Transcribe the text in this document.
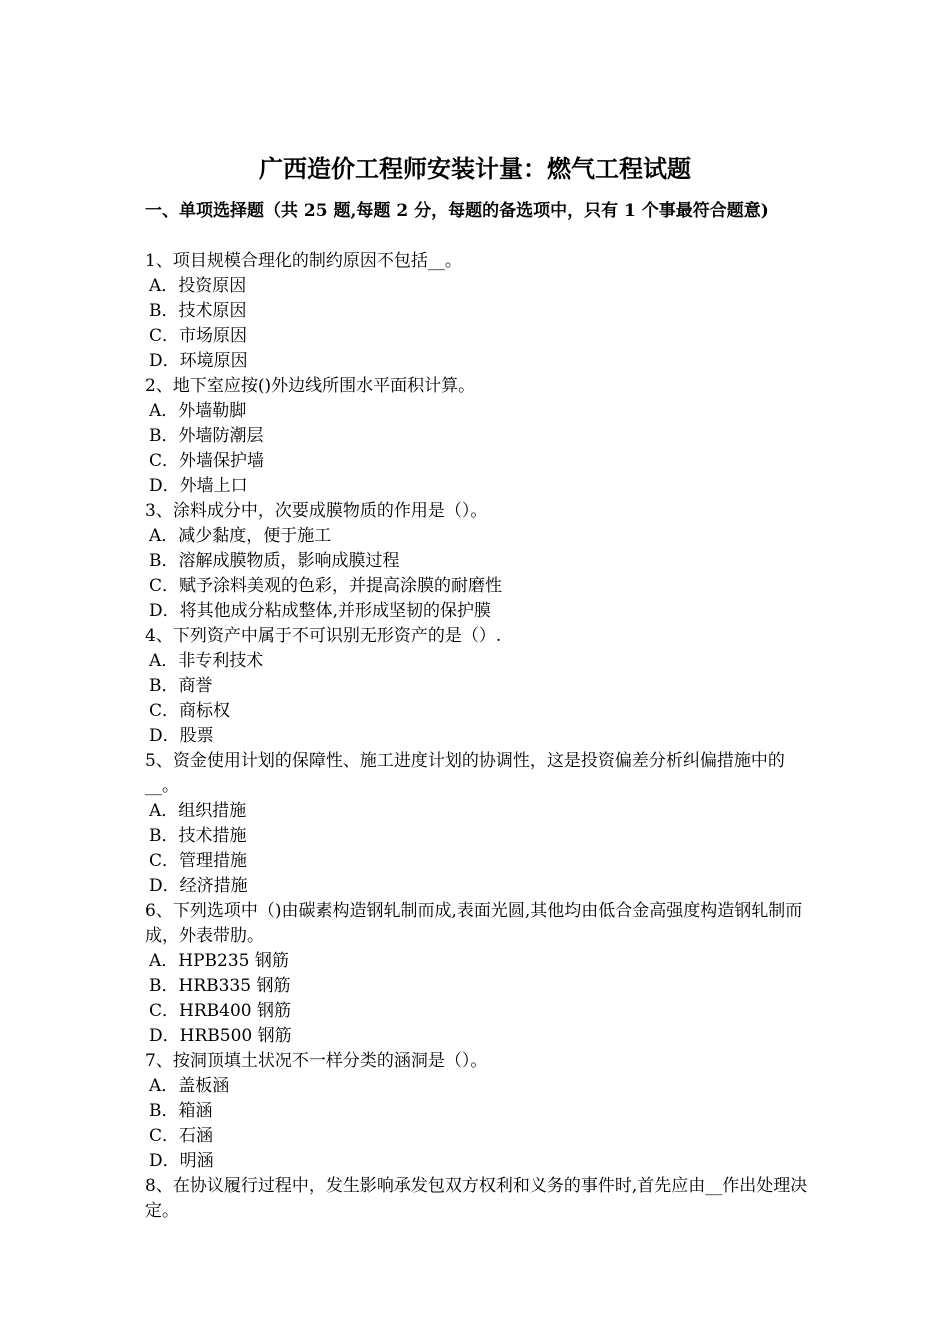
广西造价工程师安装计量：燃气工程试题
一、单项选择题（共 25 题,每题 2 分，每题的备选项中，只有 1 个事最符合题意)
1、项目规模合理化的制约原因不包括__。
A．投资原因
B．技术原因
C．市场原因
D．环境原因
2、地下室应按()外边线所围水平面积计算。
A．外墙勒脚
B．外墙防潮层
C．外墙保护墙
D．外墙上口
3、涂料成分中，次要成膜物质的作用是（）。
A．减少黏度，便于施工
B．溶解成膜物质，影响成膜过程
C．赋予涂料美观的色彩，并提高涂膜的耐磨性
D．将其他成分粘成整体,并形成坚韧的保护膜
4、下列资产中属于不可识别无形资产的是（）.
A．非专利技术
B．商誉
C．商标权
D．股票
5、资金使用计划的保障性、施工进度计划的协调性，这是投资偏差分析纠偏措施中的__。
A．组织措施
B．技术措施
C．管理措施
D．经济措施
6、下列选项中（)由碳素构造钢轧制而成,表面光圆,其他均由低合金高强度构造钢轧制而成，外表带肋。
A．HPB235 钢筋
B．HRB335 钢筋
C．HRB400 钢筋
D．HRB500 钢筋
7、按洞顶填土状况不一样分类的涵洞是（）。
A．盖板涵
B．箱涵
C．石涵
D．明涵
8、在协议履行过程中，发生影响承发包双方权利和义务的事件时,首先应由__作出处理决定。
